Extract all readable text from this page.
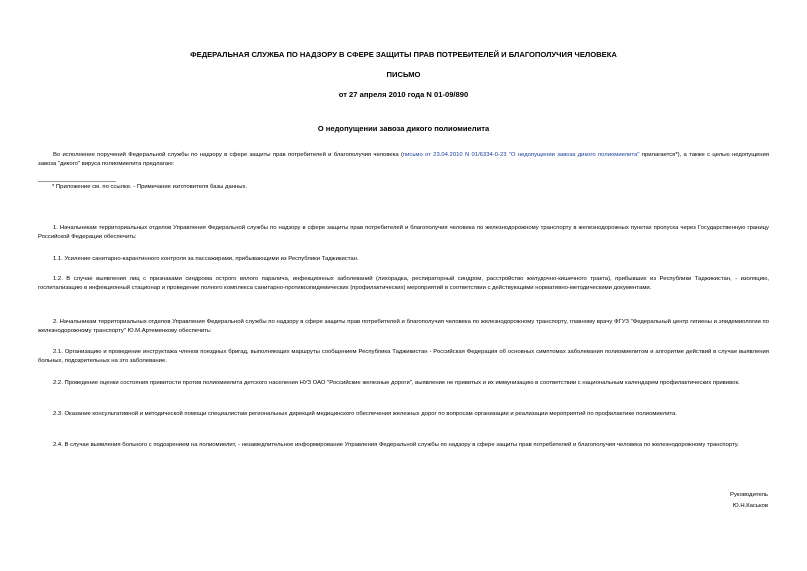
ФЕДЕРАЛЬНАЯ СЛУЖБА ПО НАДЗОРУ В СФЕРЕ ЗАЩИТЫ ПРАВ ПОТРЕБИТЕЛЕЙ И БЛАГОПОЛУЧИЯ ЧЕЛОВЕКА
ПИСЬМО
от 27 апреля 2010 года N 01-09/890
О недопущении завоза дикого полиомиелита
Во исполнение поручений Федеральной службы по надзору в сфере защиты прав потребителей и благополучия человека (письмо от 23.04.2010 N 01/6334-0-23 "О недопущении завоза дикого полиомиелита" прилагается*), а также с целью недопущения завоза "дикого" вируса полиомиелита предлагаю:
* Приложение см. по ссылке. - Примечание изготовителя базы данных.
1. Начальникам территориальных отделов Управления Федеральной службы по надзору в сфере защиты прав потребителей и благополучия человека по железнодорожному транспорту в железнодорожных пунктах пропуска через Государственную границу Российской Федерации обеспечить:
1.1. Усиление санитарно-карантинного контроля за пассажирами, прибывающими из Республики Таджикистан.
1.2. В случае выявления лиц с признаками синдрома острого вялого паралича, инфекционных заболеваний (лихорадка, респираторный синдром, расстройство желудочно-кишечного тракта), прибывших из Республики Таджикистан, - изоляцию, госпитализацию в инфекционный стационар и проведение полного комплекса санитарно-противоэпидемических (профилактических) мероприятий в соответствии с действующими нормативно-методическими документами.
2. Начальникам территориальных отделов Управления Федеральной службы по надзору в сфере защиты прав потребителей и благополучия человека по железнодорожному транспорту, главному врачу ФГУЗ "Федеральный центр гигиены и эпидемиологии по железнодорожному транспорту" Ю.М.Артеменкову обеспечить:
2.1. Организацию и проведение инструктажа членов поездных бригад, выполняющих маршруты сообщением Республика Таджикистан - Российская Федерация об основных симптомах заболевания полиомиелитом и алгоритме действий в случае выявления больных, подозрительных на это заболевание.
2.2. Проведение оценки состояния привитости против полиомиелита детского населения НУЗ ОАО "Российские железные дороги", выявление не привитых и их иммунизацию в соответствии с национальным календарем профилактических прививок.
2.3. Оказание консультативной и методической помощи специалистам региональных дирекций медицинского обеспечения железных дорог по вопросам организации и реализации мероприятий по профилактике полиомиелита.
2.4. В случае выявления больного с подозрением на полиомиелит, - незамедлительное информирование Управления Федеральной службы по надзору в сфере защиты прав потребителей и благополучия человека по железнодорожному транспорту.
Руководитель
Ю.Н.Каськов
